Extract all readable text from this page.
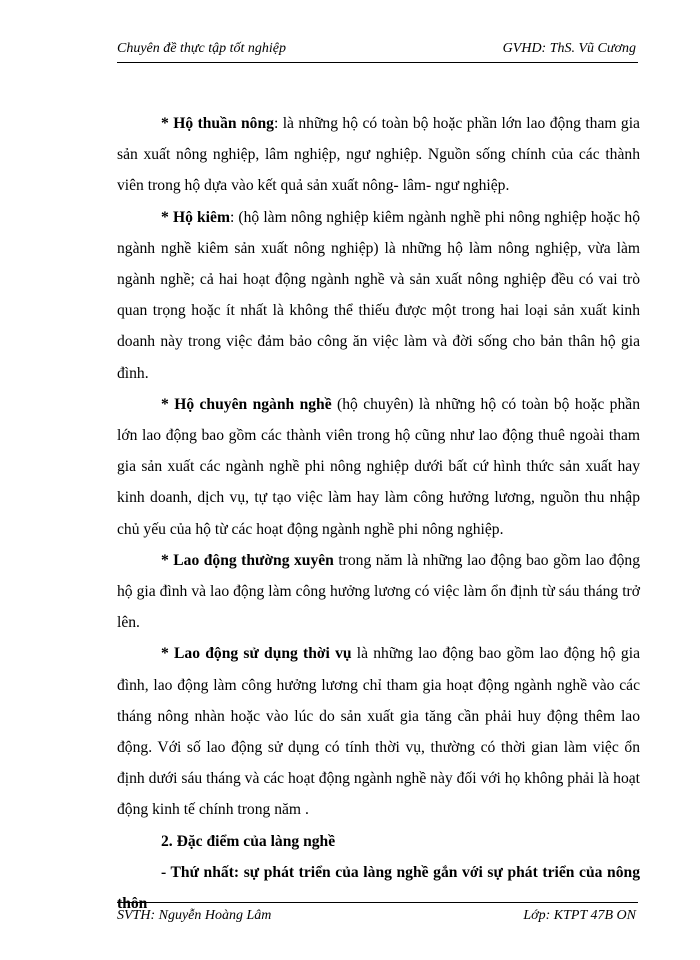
Chuyên đề thực tập tốt nghiệp	GVHD: ThS. Vũ Cương

* Hộ thuần nông: là những hộ có toàn bộ hoặc phần lớn lao động tham gia sản xuất nông nghiệp, lâm nghiệp, ngư nghiệp. Nguồn sống chính của các thành viên trong hộ dựa vào kết quả sản xuất nông- lâm- ngư nghiệp.

* Hộ kiêm: (hộ làm nông nghiệp kiêm ngành nghề phi nông nghiệp hoặc hộ ngành nghề kiêm sản xuất nông nghiệp) là những hộ làm nông nghiệp, vừa làm ngành nghề; cả hai hoạt động ngành nghề và sản xuất nông nghiệp đều có vai trò quan trọng hoặc ít nhất là không thể thiếu được một trong hai loại sản xuất kinh doanh này trong việc đảm bảo công ăn việc làm và đời sống cho bản thân hộ gia đình.

* Hộ chuyên ngành nghề (hộ chuyên) là những hộ có toàn bộ hoặc phần lớn lao động bao gồm các thành viên trong hộ cũng như lao động thuê ngoài tham gia sản xuất các ngành nghề phi nông nghiệp dưới bất cứ hình thức sản xuất hay kinh doanh, dịch vụ, tự tạo việc làm hay làm công hưởng lương, nguồn thu nhập chủ yếu của hộ từ các hoạt động ngành nghề phi nông nghiệp.

* Lao động thường xuyên trong năm là những lao động bao gồm lao động hộ gia đình và lao động làm công hưởng lương có việc làm ổn định từ sáu tháng trở lên.

* Lao động sử dụng thời vụ là những lao động bao gồm lao động hộ gia đình, lao động làm công hưởng lương chỉ tham gia hoạt động ngành nghề vào các tháng nông nhàn hoặc vào lúc do sản xuất gia tăng cần phải huy động thêm lao động. Với số lao động sử dụng có tính thời vụ, thường có thời gian làm việc ổn định dưới sáu tháng và các hoạt động ngành nghề này đối với họ không phải là hoạt động kinh tế chính trong năm .

2. Đặc điểm của làng nghề

- Thứ nhất: sự phát triển của làng nghề gắn với sự phát triển của nông thôn

SVTH: Nguyễn Hoàng Lâm	Lớp: KTPT 47B ON
